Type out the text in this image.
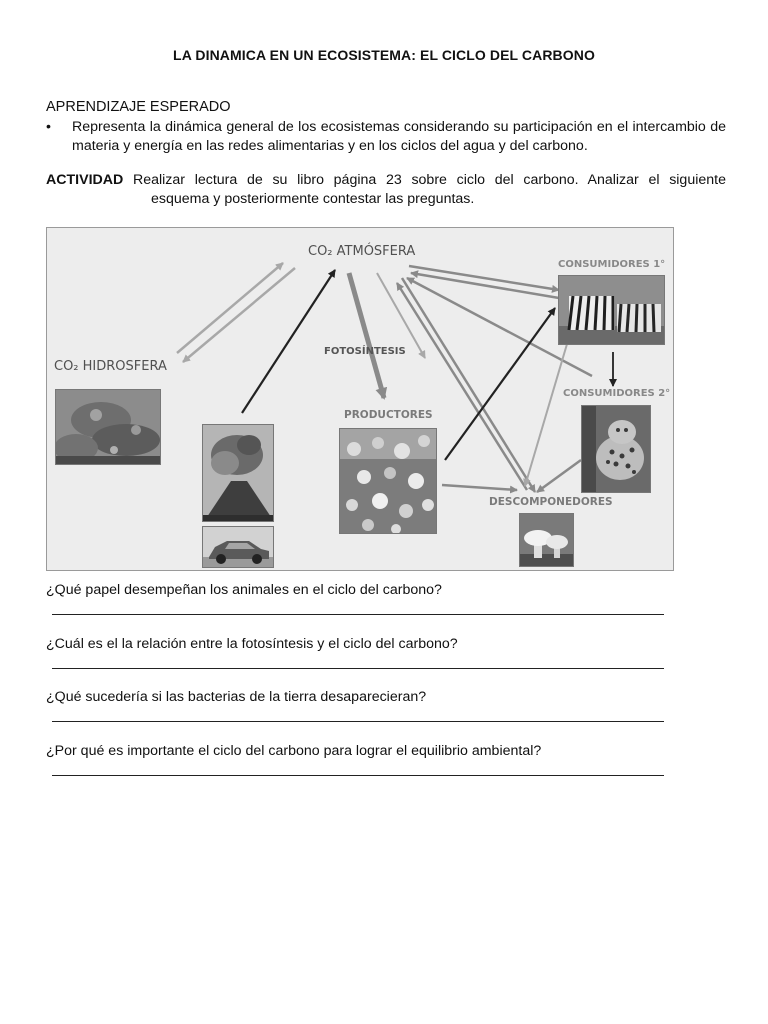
LA DINAMICA EN UN ECOSISTEMA: EL CICLO DEL CARBONO
APRENDIZAJE ESPERADO
• Representa la dinámica general de los ecosistemas considerando su participación en el intercambio de materia y energía en las redes alimentarias y en los ciclos del agua y del carbono.
ACTIVIDAD Realizar lectura de su libro página 23 sobre ciclo del carbono. Analizar el siguiente
esquema y posteriormente contestar las preguntas.
CO₂ ATMÓSFERA
CO₂ HIDROSFERA
FOTOSÍNTESIS
PRODUCTORES
CONSUMIDORES 1°
CONSUMIDORES 2°
DESCOMPONEDORES
¿Qué papel desempeñan los animales en el ciclo del carbono?
¿Cuál es el la relación entre la fotosíntesis y el ciclo del carbono?
¿Qué sucedería si las bacterias de la tierra desaparecieran?
¿Por qué es importante el ciclo del carbono para lograr el equilibrio ambiental?
